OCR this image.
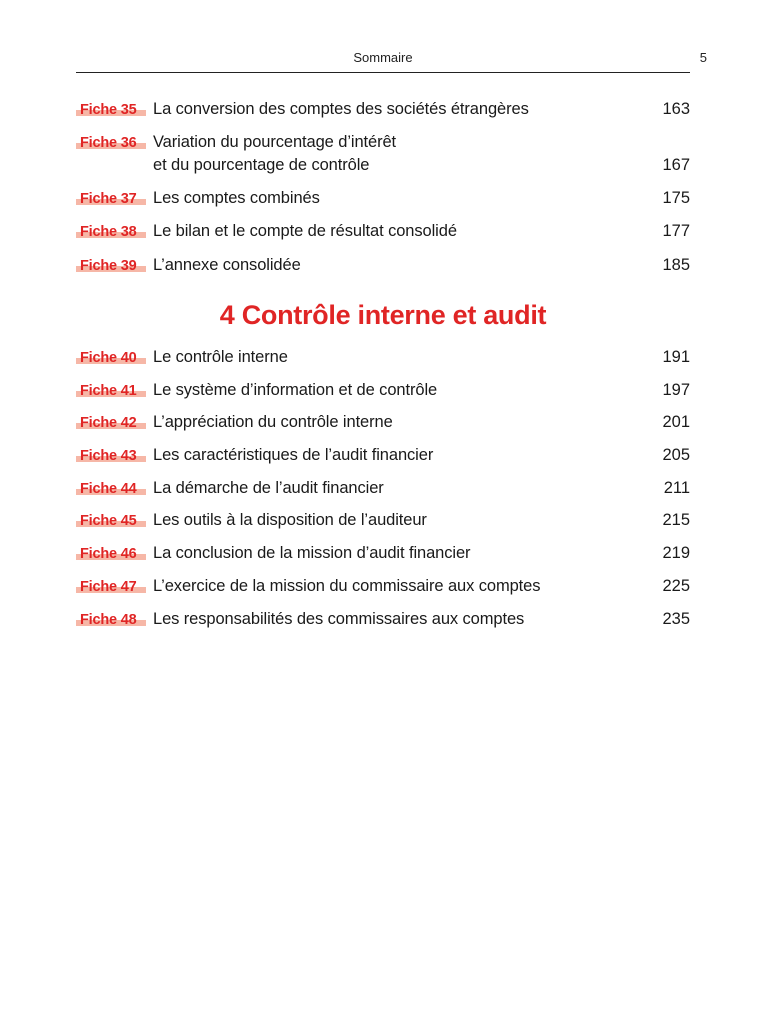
Sommaire	5
Fiche 35	La conversion des comptes des sociétés étrangères	163
Fiche 36	Variation du pourcentage d’intérêt
et du pourcentage de contrôle	167
Fiche 37	Les comptes combinés	175
Fiche 38	Le bilan et le compte de résultat consolidé	177
Fiche 39	L’annexe consolidée	185
4 Contrôle interne et audit
Fiche 40	Le contrôle interne	191
Fiche 41	Le système d’information et de contrôle	197
Fiche 42	L’appréciation du contrôle interne	201
Fiche 43	Les caractéristiques de l’audit financier	205
Fiche 44	La démarche de l’audit financier	211
Fiche 45	Les outils à la disposition de l’auditeur	215
Fiche 46	La conclusion de la mission d’audit financier	219
Fiche 47	L’exercice de la mission du commissaire aux comptes	225
Fiche 48	Les responsabilités des commissaires aux comptes	235
